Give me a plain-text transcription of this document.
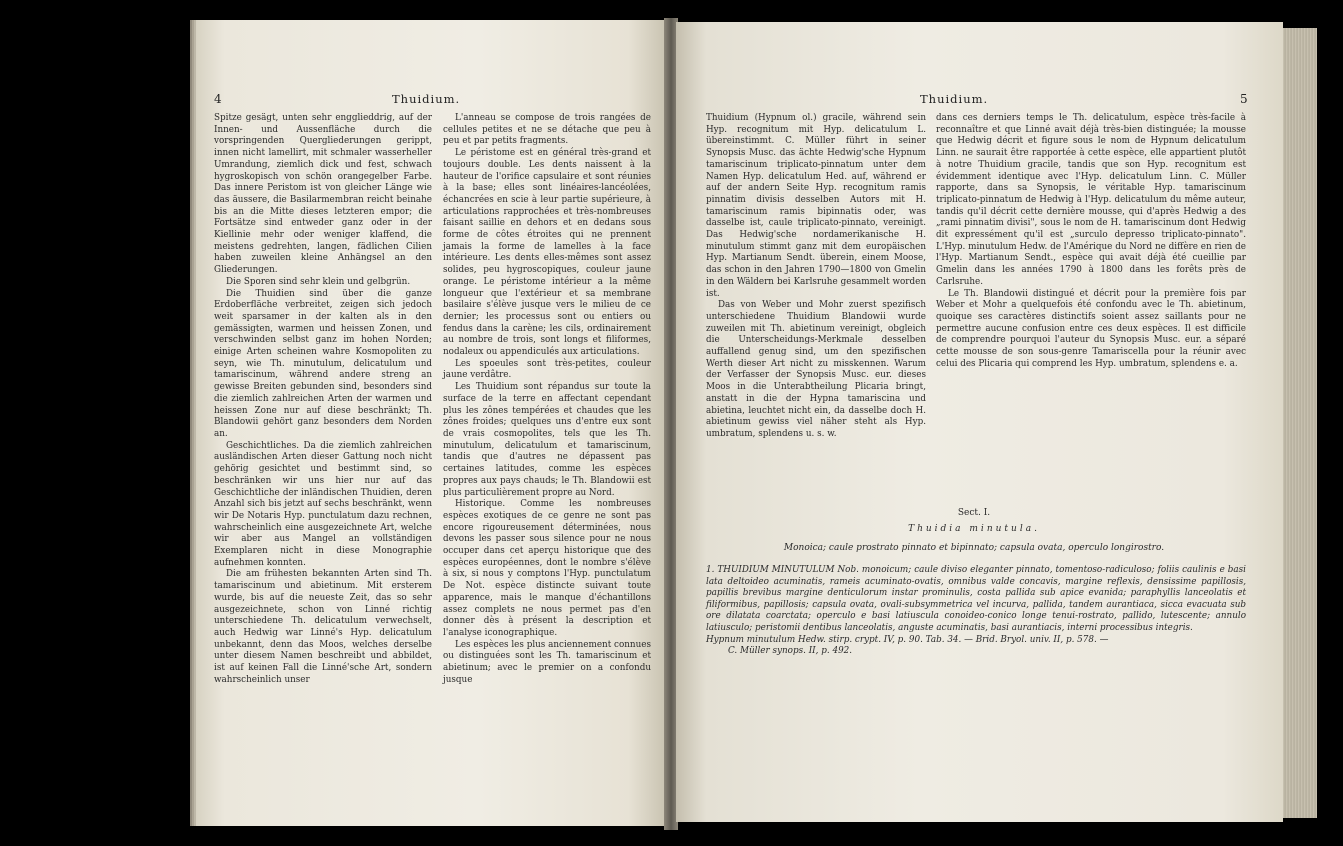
4	Thuidium.

Spitze gesägt, unten sehr engglieddrig, auf der Innen- und Aussenfläche durch die vorspringenden Quergliederungen gerippt, innen nicht lamellirt, mit schmaler wasserheller Umrandung, ziemlich dick und fest, schwach hygroskopisch von schön orangegelber Farbe. Das innere Peristom ist von gleicher Länge wie das äussere, die Basilarmembran reicht beinahe bis an die Mitte dieses letzteren empor; die Fortsätze sind entweder ganz oder in der Kiellinie mehr oder weniger klaffend, die meistens gedrehten, langen, fädlichen Cilien haben zuweilen kleine Anhängsel an den Gliederungen.

Die Sporen sind sehr klein und gelbgrün.

Die Thuidien sind über die ganze Erdoberfläche verbreitet, zeigen sich jedoch weit sparsamer in der kalten als in den gemässigten, warmen und heissen Zonen, und verschwinden selbst ganz im hohen Norden; einige Arten scheinen wahre Kosmopoliten zu seyn, wie Th. minutulum, delicatulum und tamariscinum, während andere streng an gewisse Breiten gebunden sind, besonders sind die ziemlich zahlreichen Arten der warmen und heissen Zone nur auf diese beschränkt; Th. Blandowii gehört ganz besonders dem Norden an.

Geschichtliches. Da die ziemlich zahlreichen ausländischen Arten dieser Gattung noch nicht gehörig gesichtet und bestimmt sind, so beschränken wir uns hier nur auf das Geschichtliche der inländischen Thuidien, deren Anzahl sich bis jetzt auf sechs beschränkt, wenn wir De Notaris Hyp. punctulatum dazu rechnen, wahrscheinlich eine ausgezeichnete Art, welche wir aber aus Mangel an vollständigen Exemplaren nicht in diese Monographie aufnehmen konnten.

Die am frühesten bekannten Arten sind Th. tamariscinum und abietinum. Mit ersterem wurde, bis auf die neueste Zeit, das so sehr ausgezeichnete, schon von Linné richtig unterschiedene Th. delicatulum verwechselt, auch Hedwig war Linné's Hyp. delicatulum unbekannt, denn das Moos, welches derselbe unter diesem Namen beschreibt und abbildet, ist auf keinen Fall die Linné'sche Art, sondern wahrscheinlich unser

L'anneau se compose de trois rangées de cellules petites et ne se détache que peu à peu et par petits fragments.

Le péristome est en général très-grand et toujours double. Les dents naissent à la hauteur de l'orifice capsulaire et sont réunies à la base; elles sont linéaires-lancéolées, échancrées en scie à leur partie supérieure, à articulations rapprochées et très-nombreuses faisant saillie en dehors et en dedans sous forme de côtes étroites qui ne prennent jamais la forme de lamelles à la face intérieure. Les dents elles-mêmes sont assez solides, peu hygroscopiques, couleur jaune orange. Le péristome intérieur a la même longueur que l'extérieur et sa membrane basilaire s'élève jusque vers le milieu de ce dernier; les processus sont ou entiers ou fendus dans la carène; les cils, ordinairement au nombre de trois, sont longs et filiformes, nodaleux ou appendiculés aux articulations.

Les spoeules sont très-petites, couleur jaune verdâtre.

Les Thuidium sont répandus sur toute la surface de la terre en affectant cependant plus les zônes tempérées et chaudes que les zônes froides; quelques uns d'entre eux sont de vrais cosmopolites, tels que les Th. minutulum, delicatulum et tamariscinum, tandis que d'autres ne dépassent pas certaines latitudes, comme les espèces propres aux pays chauds; le Th. Blandowii est plus particulièrement propre au Nord.

Historique. Comme les nombreuses espèces exotiques de ce genre ne sont pas encore rigoureusement déterminées, nous devons les passer sous silence pour ne nous occuper dans cet aperçu historique que des espèces européennes, dont le nombre s'élève à six, si nous y comptons l'Hyp. punctulatum De Not. espèce distincte suivant toute apparence, mais le manque d'échantillons assez complets ne nous permet pas d'en donner dès à présent la description et l'analyse iconographique.

Les espèces les plus anciennement connues ou distinguées sont les Th. tamariscinum et abietinum; avec le premier on a confondu jusque

Thuidium.	5

Thuidium (Hypnum ol.) gracile, während sein Hyp. recognitum mit Hyp. delicatulum L. übereinstimmt. C. Müller führt in seiner Synopsis Musc. das ächte Hedwig'sche Hypnum tamariscinum triplicato-pinnatum unter dem Namen Hyp. delicatulum Hed. auf, während er auf der andern Seite Hyp. recognitum ramis pinnatim divisis desselben Autors mit H. tamariscinum ramis bipinnatis oder, was dasselbe ist, caule triplicato-pinnato, vereinigt. Das Hedwig'sche nordamerikanische H. minutulum stimmt ganz mit dem europäischen Hyp. Martianum Sendt. überein, einem Moose, das schon in den Jahren 1790—1800 von Gmelin in den Wäldern bei Karlsruhe gesammelt worden ist.

Das von Weber und Mohr zuerst spezifisch unterschiedene Thuidium Blandowii wurde zuweilen mit Th. abietinum vereinigt, obgleich die Unterscheidungs-Merkmale desselben auffallend genug sind, um den spezifischen Werth dieser Art nicht zu misskennen. Warum der Verfasser der Synopsis Musc. eur. dieses Moos in die Unterabtheilung Plicaria bringt, anstatt in die der Hypna tamariscina und abietina, leuchtet nicht ein, da dasselbe doch H. abietinum gewiss viel näher steht als Hyp. umbratum, splendens u. s. w.

dans ces derniers temps le Th. delicatulum, espèce très-facile à reconnaître et que Linné avait déjà très-bien distinguée; la mousse que Hedwig décrit et figure sous le nom de Hypnum delicatulum Linn. ne saurait être rapportée à cette espèce, elle appartient plutôt à notre Thuidium gracile, tandis que son Hyp. recognitum est évidemment identique avec l'Hyp. delicatulum Linn. C. Müller rapporte, dans sa Synopsis, le véritable Hyp. tamariscinum triplicato-pinnatum de Hedwig à l'Hyp. delicatulum du même auteur, tandis qu'il décrit cette dernière mousse, qui d'après Hedwig a des „rami pinnatim divisi", sous le nom de H. tamariscinum dont Hedwig dit expressément qu'il est „surculo depresso triplicato-pinnato". L'Hyp. minutulum Hedw. de l'Amérique du Nord ne diffère en rien de l'Hyp. Martianum Sendt., espèce qui avait déjà été cueillie par Gmelin dans les années 1790 à 1800 dans les forêts près de Carlsruhe.

Le Th. Blandowii distingué et décrit pour la première fois par Weber et Mohr a quelquefois été confondu avec le Th. abietinum, quoique ses caractères distinctifs soient assez saillants pour ne permettre aucune confusion entre ces deux espèces. Il est difficile de comprendre pourquoi l'auteur du Synopsis Musc. eur. a séparé cette mousse de son sous-genre Tamariscella pour la réunir avec celui des Plicaria qui comprend les Hyp. umbratum, splendens e. a.

Sect. I.
Thuidia minutula.
Monoica; caule prostrato pinnato et bipinnato; capsula ovata, operculo longirostro.

1. THUIDIUM MINUTULUM Nob. monoicum; caule diviso eleganter pinnato, tomentoso-radiculoso; foliis caulinis e basi lata deltoideo acuminatis, rameis acuminato-ovatis, omnibus valde concavis, margine reflexis, densissime papillosis, papillis brevibus margine denticulorum instar prominulis, costa pallida sub apice evanida; paraphyllis lanceolatis et filiformibus, papillosis; capsula ovata, ovali-subsymmetrica vel incurva, pallida, tandem aurantiaca, sicca evacuata sub ore dilatata coarctata; operculo e basi latiuscula conoideo-conico longe tenui-rostrato, pallido, lutescente; annulo latiusculo; peristomii dentibus lanceolatis, anguste acuminatis, basi aurantiacis, interni processibus integris.

Hypnum minutulum Hedw. stirp. crypt. IV, p. 90. Tab. 34. — Brid. Bryol. univ. II, p. 578. —

C. Müller synops. II, p. 492.
